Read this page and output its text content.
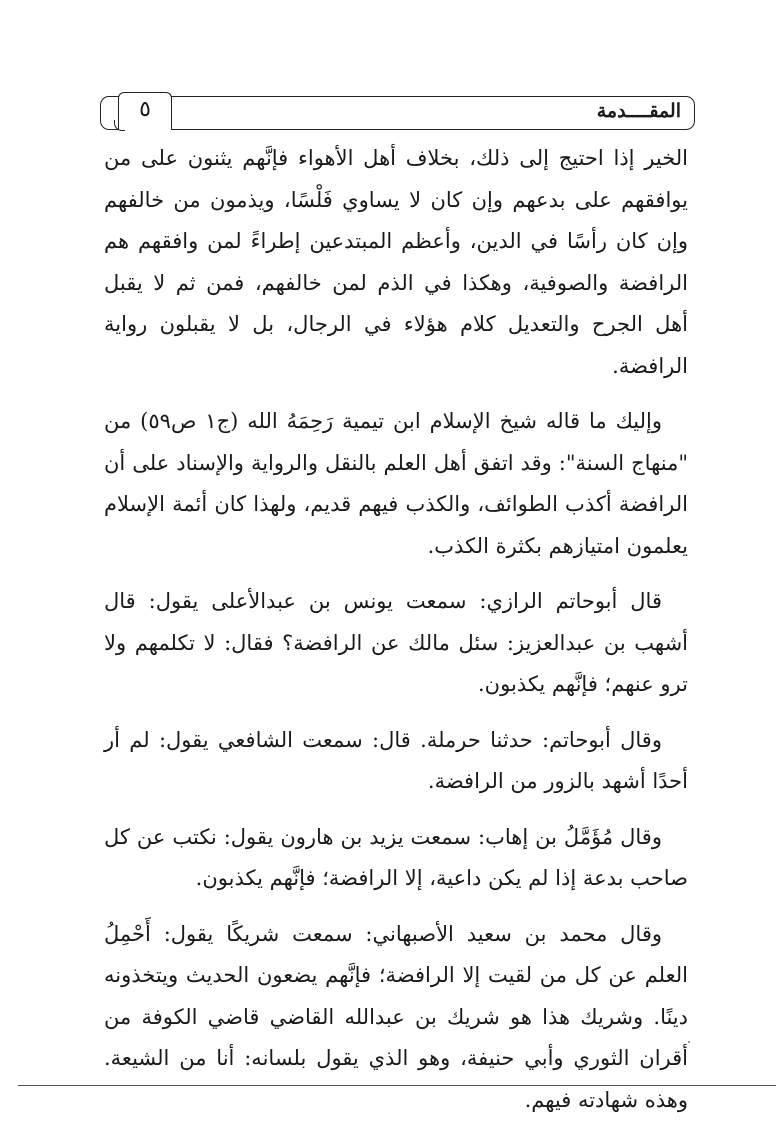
المقــــدمة
٥

الخير إذا احتيج إلى ذلك، بخلاف أهل الأهواء فإنَّهم يثنون على من يوافقهم على بدعهم وإن كان لا يساوي فَلْسًا، ويذمون من خالفهم وإن كان رأسًا في الدين، وأعظم المبتدعين إطراءً لمن وافقهم هم الرافضة والصوفية، وهكذا في الذم لمن خالفهم، فمن ثم لا يقبل أهل الجرح والتعديل كلام هؤلاء في الرجال، بل لا يقبلون رواية الرافضة.

وإليك ما قاله شيخ الإسلام ابن تيمية رَحِمَهُ الله (ج١ ص٥٩) من "منهاج السنة": وقد اتفق أهل العلم بالنقل والرواية والإسناد على أن الرافضة أكذب الطوائف، والكذب فيهم قديم، ولهذا كان أئمة الإسلام يعلمون امتيازهم بكثرة الكذب.

قال أبوحاتم الرازي: سمعت يونس بن عبدالأعلى يقول: قال أشهب بن عبدالعزيز: سئل مالك عن الرافضة؟ فقال: لا تكلمهم ولا ترو عنهم؛ فإنَّهم يكذبون.

وقال أبوحاتم: حدثنا حرملة. قال: سمعت الشافعي يقول: لم أر أحدًا أشهد بالزور من الرافضة.

وقال مُؤَمَّلُ بن إهاب: سمعت يزيد بن هارون يقول: نكتب عن كل صاحب بدعة إذا لم يكن داعية، إلا الرافضة؛ فإنَّهم يكذبون.

وقال محمد بن سعيد الأصبهاني: سمعت شريكًا يقول: أَحْمِلُ العلم عن كل من لقيت إلا الرافضة؛ فإنَّهم يضعون الحديث ويتخذونه دينًا. وشريك هذا هو شريك بن عبدالله القاضي قاضي الكوفة من أقران الثوري وأبي حنيفة، وهو الذي يقول بلسانه: أنا من الشيعة. وهذه شهادته فيهم.
